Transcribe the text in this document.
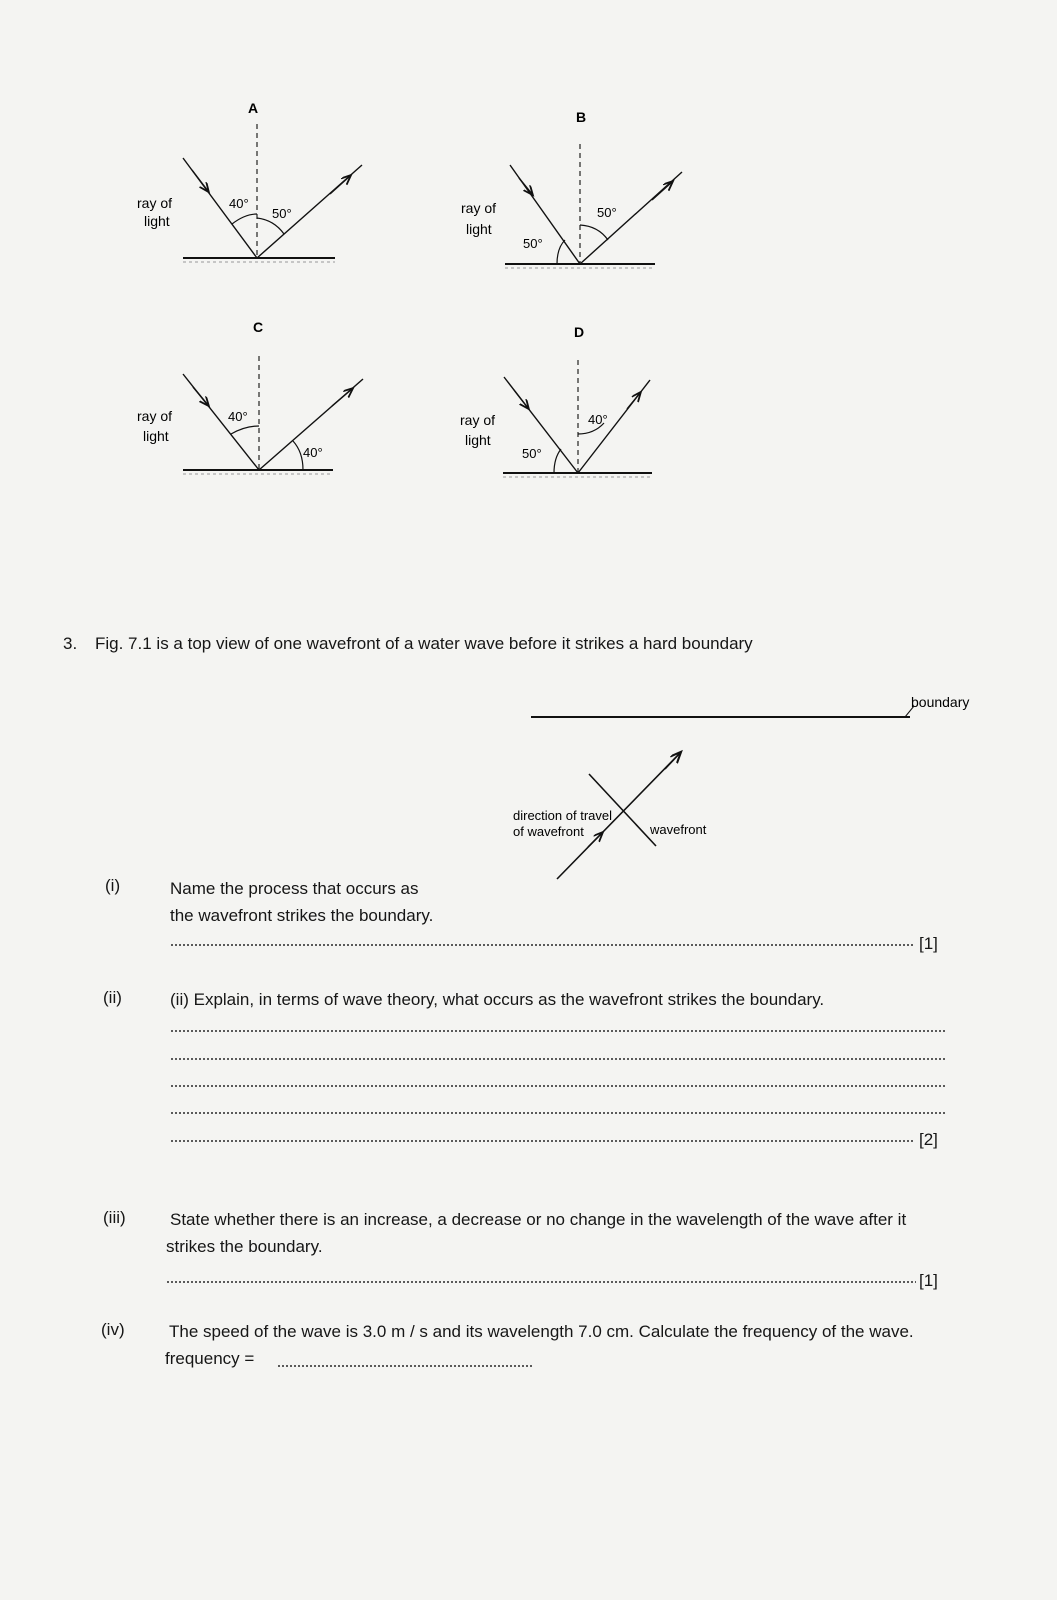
A
ray of
light
40°
50°
B
ray of
light
50°
50°
C
ray of
light
40°
40°
D
ray of
light
50°
40°
3. Fig. 7.1 is a top view of one wavefront of a water wave before it strikes a hard boundary
boundary
direction of travel
of wavefront	wavefront
(i)	Name the process that occurs as
the wavefront strikes the boundary.
[1]
(ii)	(ii) Explain, in terms of wave theory, what occurs as the wavefront strikes the boundary.
[2]
(iii)	State whether there is an increase, a decrease or no change in the wavelength of the wave after it
strikes the boundary.
[1]
(iv)	The speed of the wave is 3.0 m / s and its wavelength 7.0 cm. Calculate the frequency of the wave.
frequency =
